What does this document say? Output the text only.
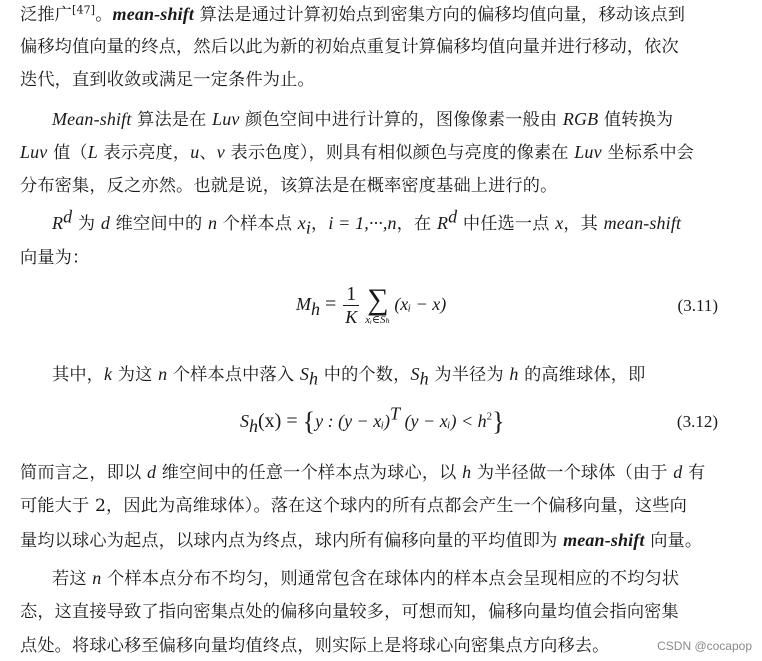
泛推广[47]。mean-shift 算法是通过计算初始点到密集方向的偏移均值向量，移动该点到
偏移均值向量的终点，然后以此为新的初始点重复计算偏移均值向量并进行移动，依次
迭代，直到收敛或满足一定条件为止。
Mean-shift 算法是在 Luv 颜色空间中进行计算的，图像像素一般由 RGB 值转换为
Luv 值（L 表示亮度，u、v 表示色度），则具有相似颜色与亮度的像素在 Luv 坐标系中会
分布密集，反之亦然。也就是说，该算法是在概率密度基础上进行的。
$R^d$ 为 d 维空间中的 n 个样本点 $x_i$，i = 1,···,n，在 $R^d$ 中任选一点 x，其 mean-shift
向量为：
$M_h = \frac{1}{K}$ ∑
xᵢ∈Sₕ
(xᵢ − x)	(3.11)
其中，k 为这 n 个样本点中落入 $S_h$ 中的个数，$S_h$ 为半径为 h 的高维球体，即
$S_h(x) = \{y$ : (y − xᵢ)$^T$ (y − xᵢ) < $h^2$}	(3.12)
简而言之，即以 d 维空间中的任意一个样本点为球心，以 h 为半径做一个球体（由于 d 有
可能大于 2，因此为高维球体）。落在这个球内的所有点都会产生一个偏移向量，这些向
量均以球心为起点，以球内点为终点，球内所有偏移向量的平均值即为 mean-shift 向量。
若这 n 个样本点分布不均匀，则通常包含在球体内的样本点会呈现相应的不均匀状
态，这直接导致了指向密集点处的偏移向量较多，可想而知，偏移向量均值会指向密集
点处。将球心移至偏移向量均值终点，则实际上是将球心向密集点方向移去。	CSDN @cocapop
